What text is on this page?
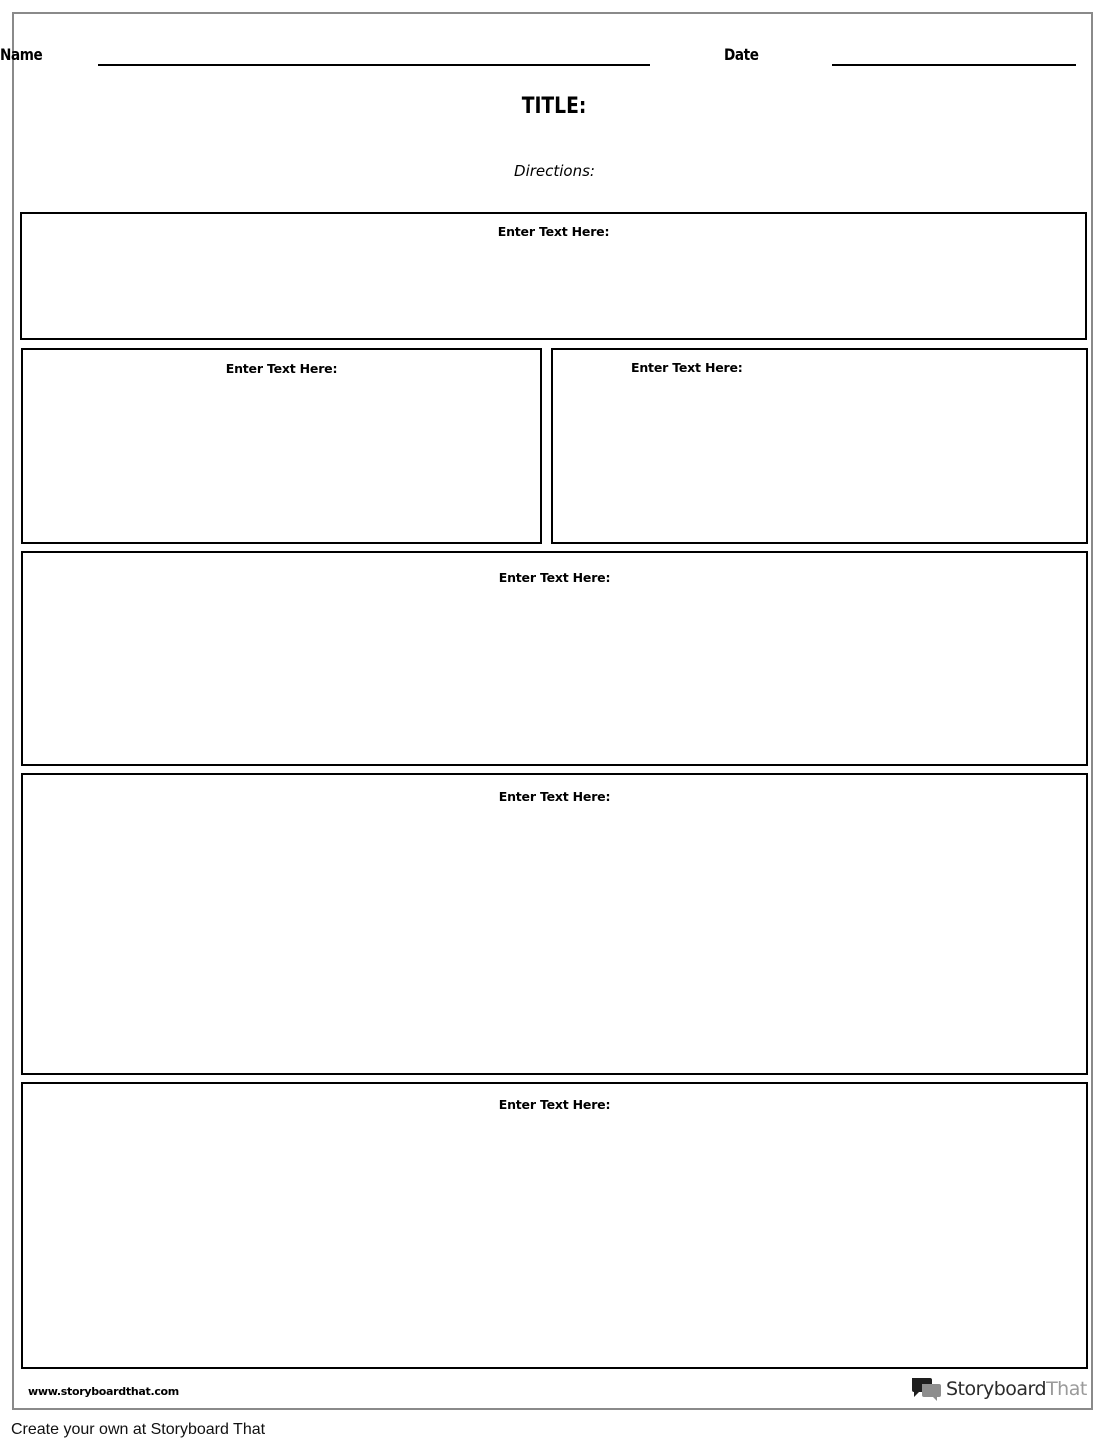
Name	Date
TITLE:
Directions:
Enter Text Here:
Enter Text Here:	Enter Text Here:
Enter Text Here:
Enter Text Here:
Enter Text Here:
www.storyboardthat.com	StoryboardThat
Create your own at Storyboard That
